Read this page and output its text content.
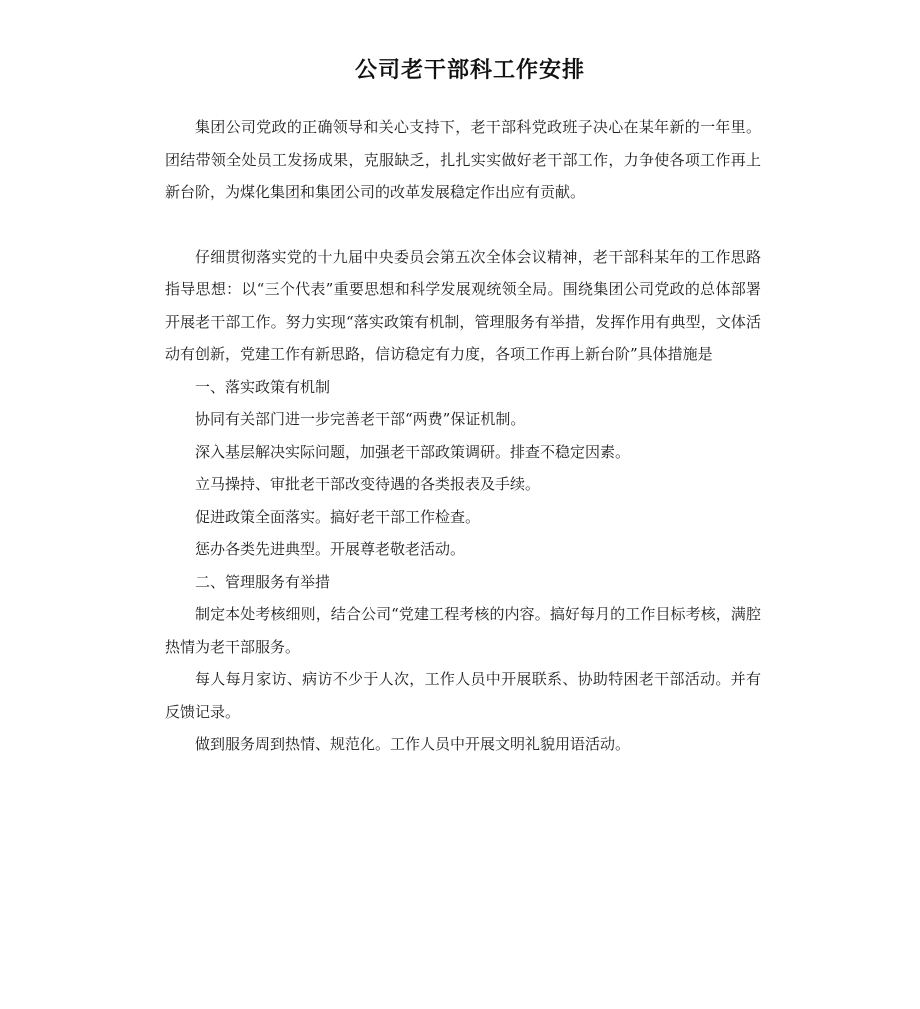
公司老干部科工作安排

集团公司党政的正确领导和关心支持下，老干部科党政班子决心在某年新的一年里。团结带领全处员工发扬成果，克服缺乏，扎扎实实做好老干部工作，力争使各项工作再上新台阶，为煤化集团和集团公司的改革发展稳定作出应有贡献。

仔细贯彻落实党的十九届中央委员会第五次全体会议精神，老干部科某年的工作思路指导思想：以“三个代表”重要思想和科学发展观统领全局。围绕集团公司党政的总体部署开展老干部工作。努力实现“落实政策有机制，管理服务有举措，发挥作用有典型，文体活动有创新，党建工作有新思路，信访稳定有力度，各项工作再上新台阶”具体措施是

一、落实政策有机制

协同有关部门进一步完善老干部“两费”保证机制。

深入基层解决实际问题，加强老干部政策调研。排查不稳定因素。

立马操持、审批老干部改变待遇的各类报表及手续。

促进政策全面落实。搞好老干部工作检查。

惩办各类先进典型。开展尊老敬老活动。

二、管理服务有举措

制定本处考核细则，结合公司“党建工程考核的内容。搞好每月的工作目标考核，满腔热情为老干部服务。

每人每月家访、病访不少于人次，工作人员中开展联系、协助特困老干部活动。并有反馈记录。

做到服务周到热情、规范化。工作人员中开展文明礼貌用语活动。
